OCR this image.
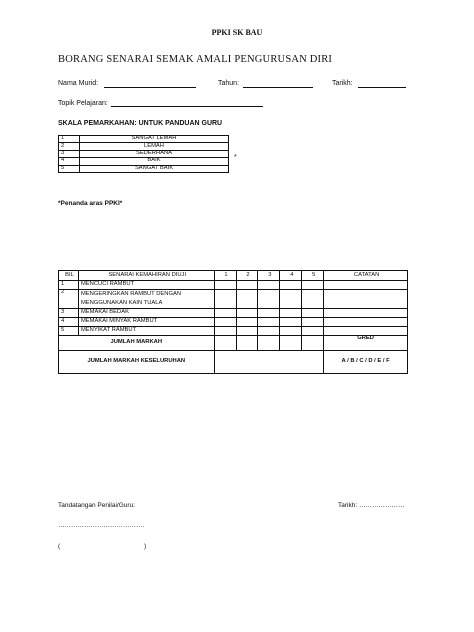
PPKI SK BAU
BORANG SENARAI SEMAK AMALI PENGURUSAN DIRI
Nama Murid:	Tahun:	Tarikh:
Topik Pelajaran:
SKALA PEMARKAHAN: UNTUK PANDUAN GURU
1	SANGAT LEMAH
2	LEMAH
3	SEDERHANA
4	BAIK
5	SANGAT BAIK
*
*Penanda aras PPKI*
BIL	SENARAI KEMAHIRAN DIUJI	1	2	3	4	5	CATATAN
1	MENCUCI RAMBUT						
2	MENGERINGKAN RAMBUT DENGAN
MENGGUNAKAN KAIN TUALA						
3	MEMAKAI BEDAK						
4	MEMAKAI MINYAK RAMBUT						
5	MENYIKAT RAMBUT						
JUMLAH MARKAH							GRED
JUMLAH MARKAH KESELURUHAN							A / B / C / D / E / F
Tandatangan Penilai/Guru:	Tarikh: …………………
………………………………….
(	)
